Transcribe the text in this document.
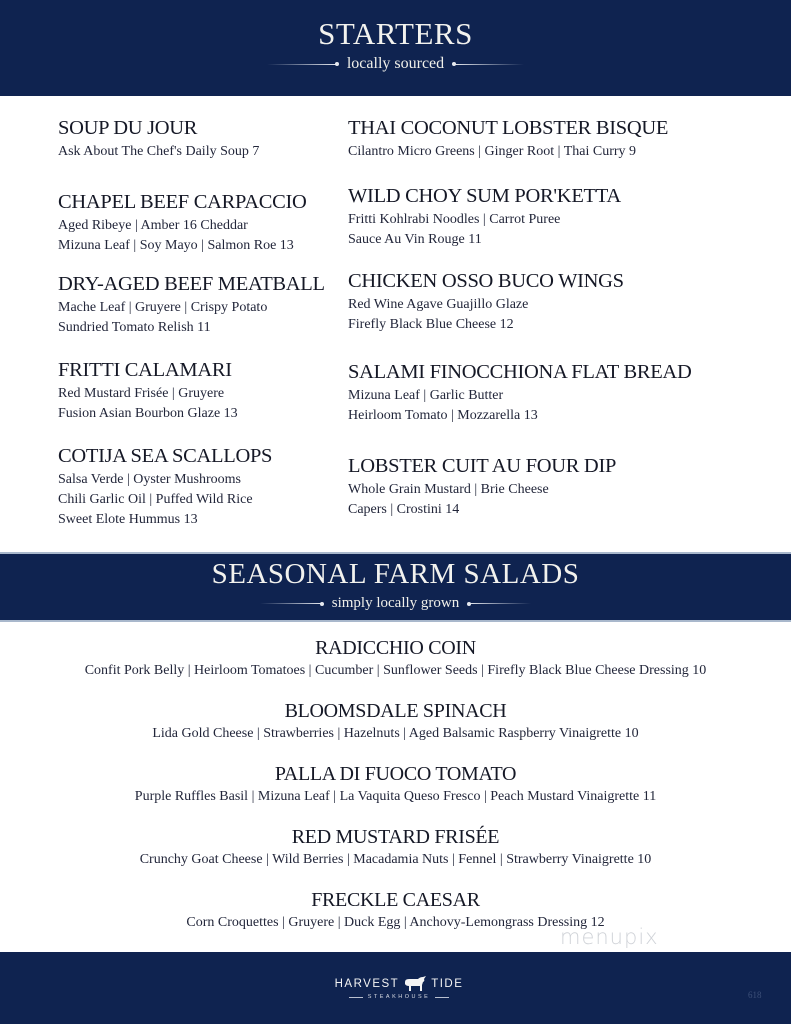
STARTERS
locally sourced
SOUP DU JOUR
Ask About The Chef's Daily Soup 7
CHAPEL BEEF CARPACCIO
Aged Ribeye | Amber 16 Cheddar
Mizuna Leaf | Soy Mayo | Salmon Roe 13
DRY-AGED BEEF MEATBALL
Mache Leaf | Gruyere | Crispy Potato
Sundried Tomato Relish 11
FRITTI CALAMARI
Red Mustard Frisée | Gruyere
Fusion Asian Bourbon Glaze 13
COTIJA SEA SCALLOPS
Salsa Verde | Oyster Mushrooms
Chili Garlic Oil | Puffed Wild Rice
Sweet Elote Hummus 13
THAI COCONUT LOBSTER BISQUE
Cilantro Micro Greens | Ginger Root | Thai Curry 9
WILD CHOY SUM POR'KETTA
Fritti Kohlrabi Noodles | Carrot Puree
Sauce Au Vin Rouge 11
CHICKEN OSSO BUCO WINGS
Red Wine Agave Guajillo Glaze
Firefly Black Blue Cheese 12
SALAMI FINOCCHIONA FLAT BREAD
Mizuna Leaf | Garlic Butter
Heirloom Tomato | Mozzarella 13
LOBSTER CUIT AU FOUR DIP
Whole Grain Mustard | Brie Cheese
Capers | Crostini 14
SEASONAL FARM SALADS
simply locally grown
RADICCHIO COIN
Confit Pork Belly | Heirloom Tomatoes | Cucumber | Sunflower Seeds | Firefly Black Blue Cheese Dressing 10
BLOOMSDALE SPINACH
Lida Gold Cheese | Strawberries | Hazelnuts | Aged Balsamic Raspberry Vinaigrette 10
PALLA DI FUOCO TOMATO
Purple Ruffles Basil | Mizuna Leaf | La Vaquita Queso Fresco | Peach Mustard Vinaigrette 11
RED MUSTARD FRISÉE
Crunchy Goat Cheese | Wild Berries | Macadamia Nuts | Fennel | Strawberry Vinaigrette 10
FRECKLE CAESAR
Corn Croquettes | Gruyere | Duck Egg | Anchovy-Lemongrass Dressing 12
menupix
HARVEST	TIDE
STEAKHOUSE	618
